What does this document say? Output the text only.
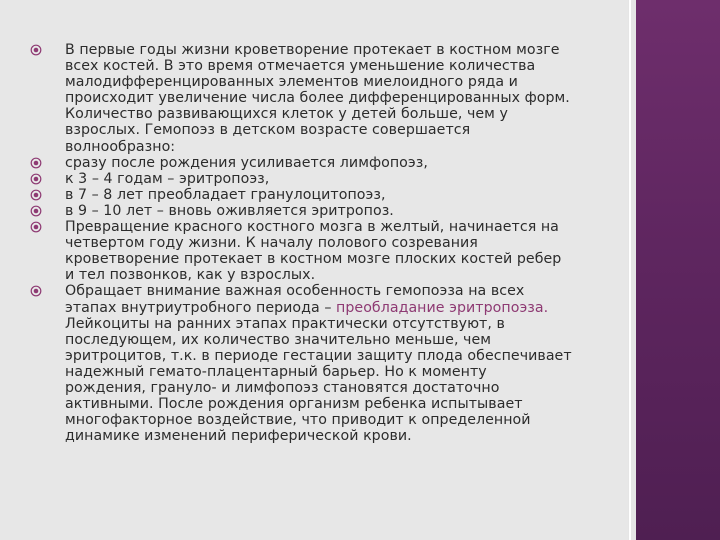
В первые годы жизни кроветворение протекает в костном мозге
всех костей. В это время отмечается уменьшение количества
малодифференцированных элементов миелоидного ряда и
происходит увеличение числа более дифференцированных форм.
Количество развивающихся клеток у детей больше, чем у
взрослых. Гемопоэз в детском возрасте совершается
волнообразно:
сразу после рождения усиливается лимфопоэз,
к 3 – 4 годам – эритропоэз,
в 7 – 8 лет преобладает гранулоцитопоэз,
в 9 – 10 лет – вновь оживляется эритропоз.
Превращение красного костного мозга в желтый, начинается на
четвертом году жизни. К началу полового созревания
кроветворение протекает в костном мозге плоских костей ребер
и тел позвонков, как у взрослых.
Обращает внимание важная особенность гемопоэза на всех
этапах внутриутробного периода – преобладание эритропоэза.
Лейкоциты на ранних этапах практически отсутствуют, в
последующем, их количество значительно меньше, чем
эритроцитов, т.к. в периоде гестации защиту плода обеспечивает
надежный гемато-плацентарный барьер. Но к моменту
рождения, грануло- и лимфопоэз становятся достаточно
активными. После рождения организм ребенка испытывает
многофакторное воздействие, что приводит к определенной
динамике изменений периферической крови.
